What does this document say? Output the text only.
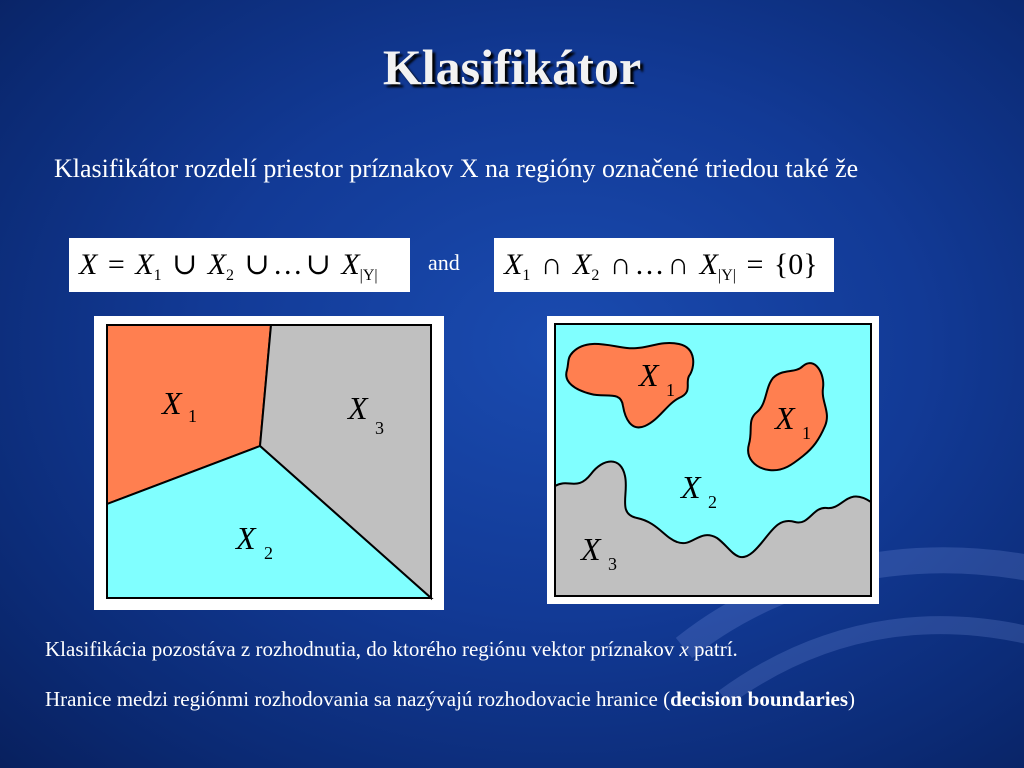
Klasifikátor
Klasifikátor rozdelí priestor príznakov X na regióny označené triedou také že
$X = X_1$ ∪ $X_2$ ∪ … ∪ $X_{|Y|}$
and	$X_1$ ∩ $X_2$ ∩ … ∩ $X_{|Y|} = \{0\}$
X 1	X
3
X 2
X 1
X 1
X 2
X 3
Klasifikácia pozostáva z rozhodnutia, do ktorého regiónu vektor príznakov x patrí.
Hranice medzi regiónmi rozhodovania sa nazývajú rozhodovacie hranice (decision boundaries)
